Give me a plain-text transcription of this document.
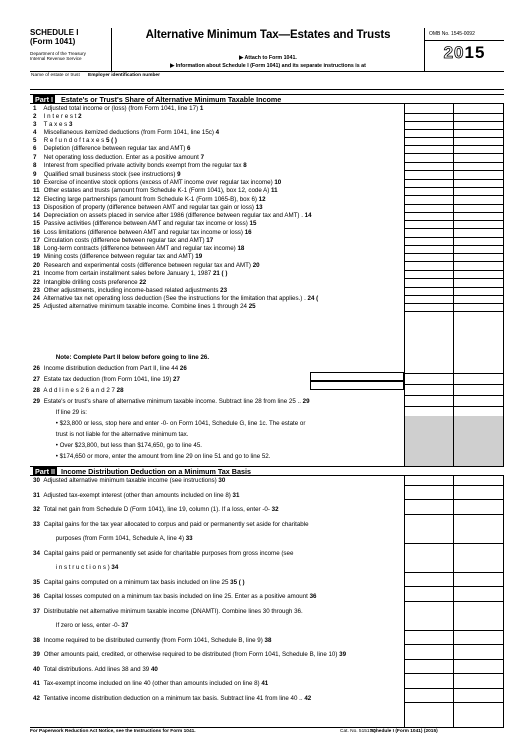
SCHEDULE I
(Form 1041)
Department of the Treasury
Internal Revenue Service
Alternative Minimum Tax—Estates and Trusts
▶ Attach to Form 1041.
▶ Information about Schedule I (Form 1041) and its separate instructions is at
OMB No. 1545-0092
2015
Name of estate or trust	Employer identification number
Part I Estate's or Trust's Share of Alternative Minimum Taxable Income
Part II Income Distribution Deduction on a Minimum Tax Basis
1 Adjusted total income or (loss) (from Form 1041, line 17) 1
2 I n t e r e s t 2
3 T a x e s 3
4 Miscellaneous itemized deductions (from Form 1041, line 15c) 4
5 R e f u n d o f t a x e s 5 ( )
6 Depletion (difference between regular tax and AMT) 6
7 Net operating loss deduction. Enter as a positive amount 7
8 Interest from specified private activity bonds exempt from the regular tax 8
9 Qualified small business stock (see instructions) 9
10 Exercise of incentive stock options (excess of AMT income over regular tax income) 10
11 Other estates and trusts (amount from Schedule K-1 (Form 1041), box 12, code A) 11
12 Electing large partnerships (amount from Schedule K-1 (Form 1065-B), box 6) 12
13 Disposition of property (difference between AMT and regular tax gain or loss) 13
14 Depreciation on assets placed in service after 1986 (difference between regular tax and AMT) . 14
15 Passive activities (difference between AMT and regular tax income or loss) 15
16 Loss limitations (difference between AMT and regular tax income or loss) 16
17 Circulation costs (difference between regular tax and AMT) 17
18 Long-term contracts (difference between AMT and regular tax income) 18
19 Mining costs (difference between regular tax and AMT) 19
20 Research and experimental costs (difference between regular tax and AMT) 20
21 Income from certain installment sales before January 1, 1987 21 ( )
22 Intangible drilling costs preference 22
23 Other adjustments, including income-based related adjustments 23
24 Alternative tax net operating loss deduction (See the instructions for the limitation that applies.) . 24 (
25 Adjusted alternative minimum taxable income. Combine lines 1 through 24 25
Note: Complete Part II below before going to line 26.
26 Income distribution deduction from Part II, line 44 26
27 Estate tax deduction (from Form 1041, line 19) 27
28 A d d l i n e s 2 6 a n d 2 7 28
29 Estate's or trust's share of alternative minimum taxable income. Subtract line 28 from line 25 .. 29
If line 29 is:
• $23,800 or less, stop here and enter -0- on Form 1041, Schedule G, line 1c. The estate or
trust is not liable for the alternative minimum tax.
• Over $23,800, but less than $174,650, go to line 45.
• $174,650 or more, enter the amount from line 29 on line 51 and go to line 52.
30 Adjusted alternative minimum taxable income (see instructions) 30
31 Adjusted tax-exempt interest (other than amounts included on line 8) 31
32 Total net gain from Schedule D (Form 1041), line 19, column (1). If a loss, enter -0- 32
33 Capital gains for the tax year allocated to corpus and paid or permanently set aside for charitable
purposes (from Form 1041, Schedule A, line 4) 33
34 Capital gains paid or permanently set aside for charitable purposes from gross income (see
i n s t r u c t i o n s ) 34
35 Capital gains computed on a minimum tax basis included on line 25 35 ( )
36 Capital losses computed on a minimum tax basis included on line 25. Enter as a positive amount 36
37 Distributable net alternative minimum taxable income (DNAMTI). Combine lines 30 through 36.
If zero or less, enter -0- 37
38 Income required to be distributed currently (from Form 1041, Schedule B, line 9) 38
39 Other amounts paid, credited, or otherwise required to be distributed (from Form 1041, Schedule B, line 10) 39
40 Total distributions. Add lines 38 and 39 40
41 Tax-exempt income included on line 40 (other than amounts included on line 8) 41
42 Tentative income distribution deduction on a minimum tax basis. Subtract line 41 from line 40 .. 42
For Paperwork Reduction Act Notice, see the Instructions for Form 1041.	Cat. No. 51517Q
Schedule I (Form 1041) (2015)
